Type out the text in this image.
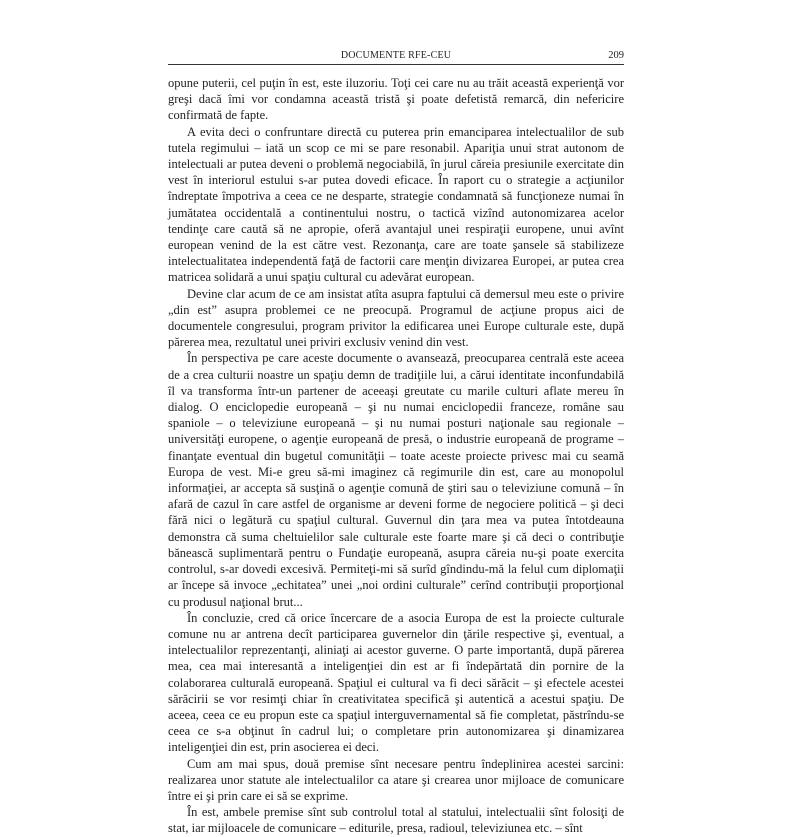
DOCUMENTE RFE-CEU	209

opune puterii, cel puţin în est, este iluzoriu. Toţi cei care nu au trăit această experienţă vor greşi dacă îmi vor condamna această tristă şi poate defetistă remarcă, din nefericire confirmată de fapte.

A evita deci o confruntare directă cu puterea prin emanciparea intelectualilor de sub tutela regimului – iată un scop ce mi se pare resonabil. Apariţia unui strat autonom de intelectuali ar putea deveni o problemă negociabilă, în jurul căreia presiunile exercitate din vest în interiorul estului s-ar putea dovedi eficace. În raport cu o strategie a acţiunilor îndreptate împotriva a ceea ce ne desparte, strategie condamnată să funcţioneze numai în jumătatea occidentală a continentului nostru, o tactică vizînd autonomizarea acelor tendinţe care caută să ne apropie, oferă avantajul unei respiraţii europene, unui avînt european venind de la est către vest. Rezonanţa, care are toate şansele să stabilizeze intelectualitatea independentă faţă de factorii care menţin divizarea Europei, ar putea crea matricea solidară a unui spaţiu cultural cu adevărat european.

Devine clar acum de ce am insistat atîta asupra faptului că demersul meu este o privire „din est” asupra problemei ce ne preocupă. Programul de acţiune propus aici de documentele congresului, program privitor la edificarea unei Europe culturale este, după părerea mea, rezultatul unei priviri exclusiv venind din vest.

În perspectiva pe care aceste documente o avansează, preocuparea centrală este aceea de a crea culturii noastre un spaţiu demn de tradiţiile lui, a cărui identitate inconfundabilă îl va transforma într-un partener de aceeaşi greutate cu marile culturi aflate mereu în dialog. O enciclopedie europeană – şi nu numai enciclopedii franceze, române sau spaniole – o televiziune europeană – şi nu numai posturi naţionale sau regionale – universităţi europene, o agenţie europeană de presă, o industrie europeană de programe – finanţate eventual din bugetul comunităţii – toate aceste proiecte privesc mai cu seamă Europa de vest. Mi-e greu să-mi imaginez că regimurile din est, care au monopolul informaţiei, ar accepta să susţină o agenţie comună de ştiri sau o televiziune comună – în afară de cazul în care astfel de organisme ar deveni forme de negociere politică – şi deci fără nici o legătură cu spaţiul cultural. Guvernul din ţara mea va putea întotdeauna demonstra că suma cheltuielilor sale culturale este foarte mare şi că deci o contribuţie bănească suplimentară pentru o Fundaţie europeană, asupra căreia nu-şi poate exercita controlul, s-ar dovedi excesivă. Permiteţi-mi să surîd gîndindu-mă la felul cum diplomaţii ar începe să invoce „echitatea” unei „noi ordini culturale” cerînd contribuţii proporţional cu produsul naţional brut...

În concluzie, cred că orice încercare de a asocia Europa de est la proiecte culturale comune nu ar antrena decît participarea guvernelor din ţările respective şi, eventual, a intelectualilor reprezentanţi, aliniaţi ai acestor guverne. O parte importantă, după părerea mea, cea mai interesantă a inteligenţiei din est ar fi îndepărtată din pornire de la colaborarea culturală europeană. Spaţiul ei cultural va fi deci sărăcit – şi efectele acestei sărăcirii se vor resimţi chiar în creativitatea specifică şi autentică a acestui spaţiu. De aceea, ceea ce eu propun este ca spaţiul interguvernamental să fie completat, păstrîndu-se ceea ce s-a obţinut în cadrul lui; o completare prin autonomizarea şi dinamizarea inteligenţiei din est, prin asocierea ei deci.

Cum am mai spus, două premise sînt necesare pentru îndeplinirea acestei sarcini: realizarea unor statute ale intelectualilor ca atare şi crearea unor mijloace de comunicare între ei şi prin care ei să se exprime.

În est, ambele premise sînt sub controlul total al statului, intelectualii sînt folosiţi de stat, iar mijloacele de comunicare – editurile, presa, radioul, televiziunea etc. – sînt
